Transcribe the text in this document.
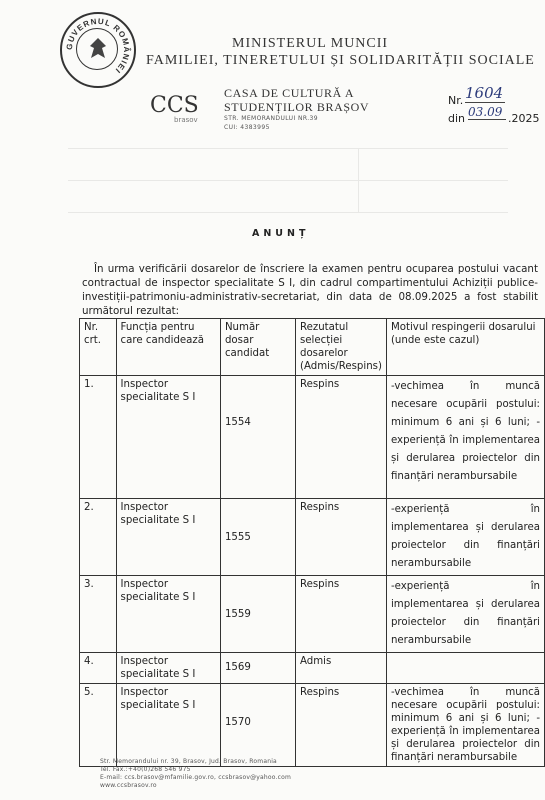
GUVERNUL ROMÂNIEI
MINISTERUL MUNCII
FAMILIEI, TINERETULUI ȘI SOLIDARITĂȚII SOCIALE
CCS
brasov
CASA DE CULTURĂ A
STUDENȚILOR BRAȘOV
STR. MEMORANDULUI NR.39
CUI: 4383995
Nr. 1604
din 03.09 .2025
ANUNȚ
În urma verificării dosarelor de înscriere la examen pentru ocuparea postului vacant contractual de inspector specialitate S I, din cadrul compartimentului Achiziții publice- investiții-patrimoniu-administrativ-secretariat, din data de 08.09.2025 a fost stabilit următorul rezultat:
Nr. crt.	Funcția pentru care candidează	Număr dosar candidat	Rezutatul selecției dosarelor (Admis/Respins)	Motivul respingerii dosarului (unde este cazul)
1.	Inspector specialitate S I	1554	Respins	-vechimea în muncă necesare ocupării postului: minimum 6 ani și 6 luni; -experiență în implementarea și derularea proiectelor din finanțări nerambursabile
2.	Inspector specialitate S I	1555	Respins	-experiență în implementarea și derularea proiectelor din finanțări nerambursabile
3.	Inspector specialitate S I	1559	Respins	-experiență în implementarea și derularea proiectelor din finanțări nerambursabile
4.	Inspector specialitate S I	1569	Admis	
5.	Inspector specialitate S I	1570	Respins	-vechimea în muncă necesare ocupării postului: minimum 6 ani și 6 luni; -experiență în implementarea și derularea proiectelor din finanțări nerambursabile
Str. Memorandului nr. 39, Brasov, Jud. Brasov, Romania
Tel. Fax.:+40(0)268 546 975
E-mail: ccs.brasov@mfamilie.gov.ro, ccsbrasov@yahoo.com
www.ccsbrasov.ro
